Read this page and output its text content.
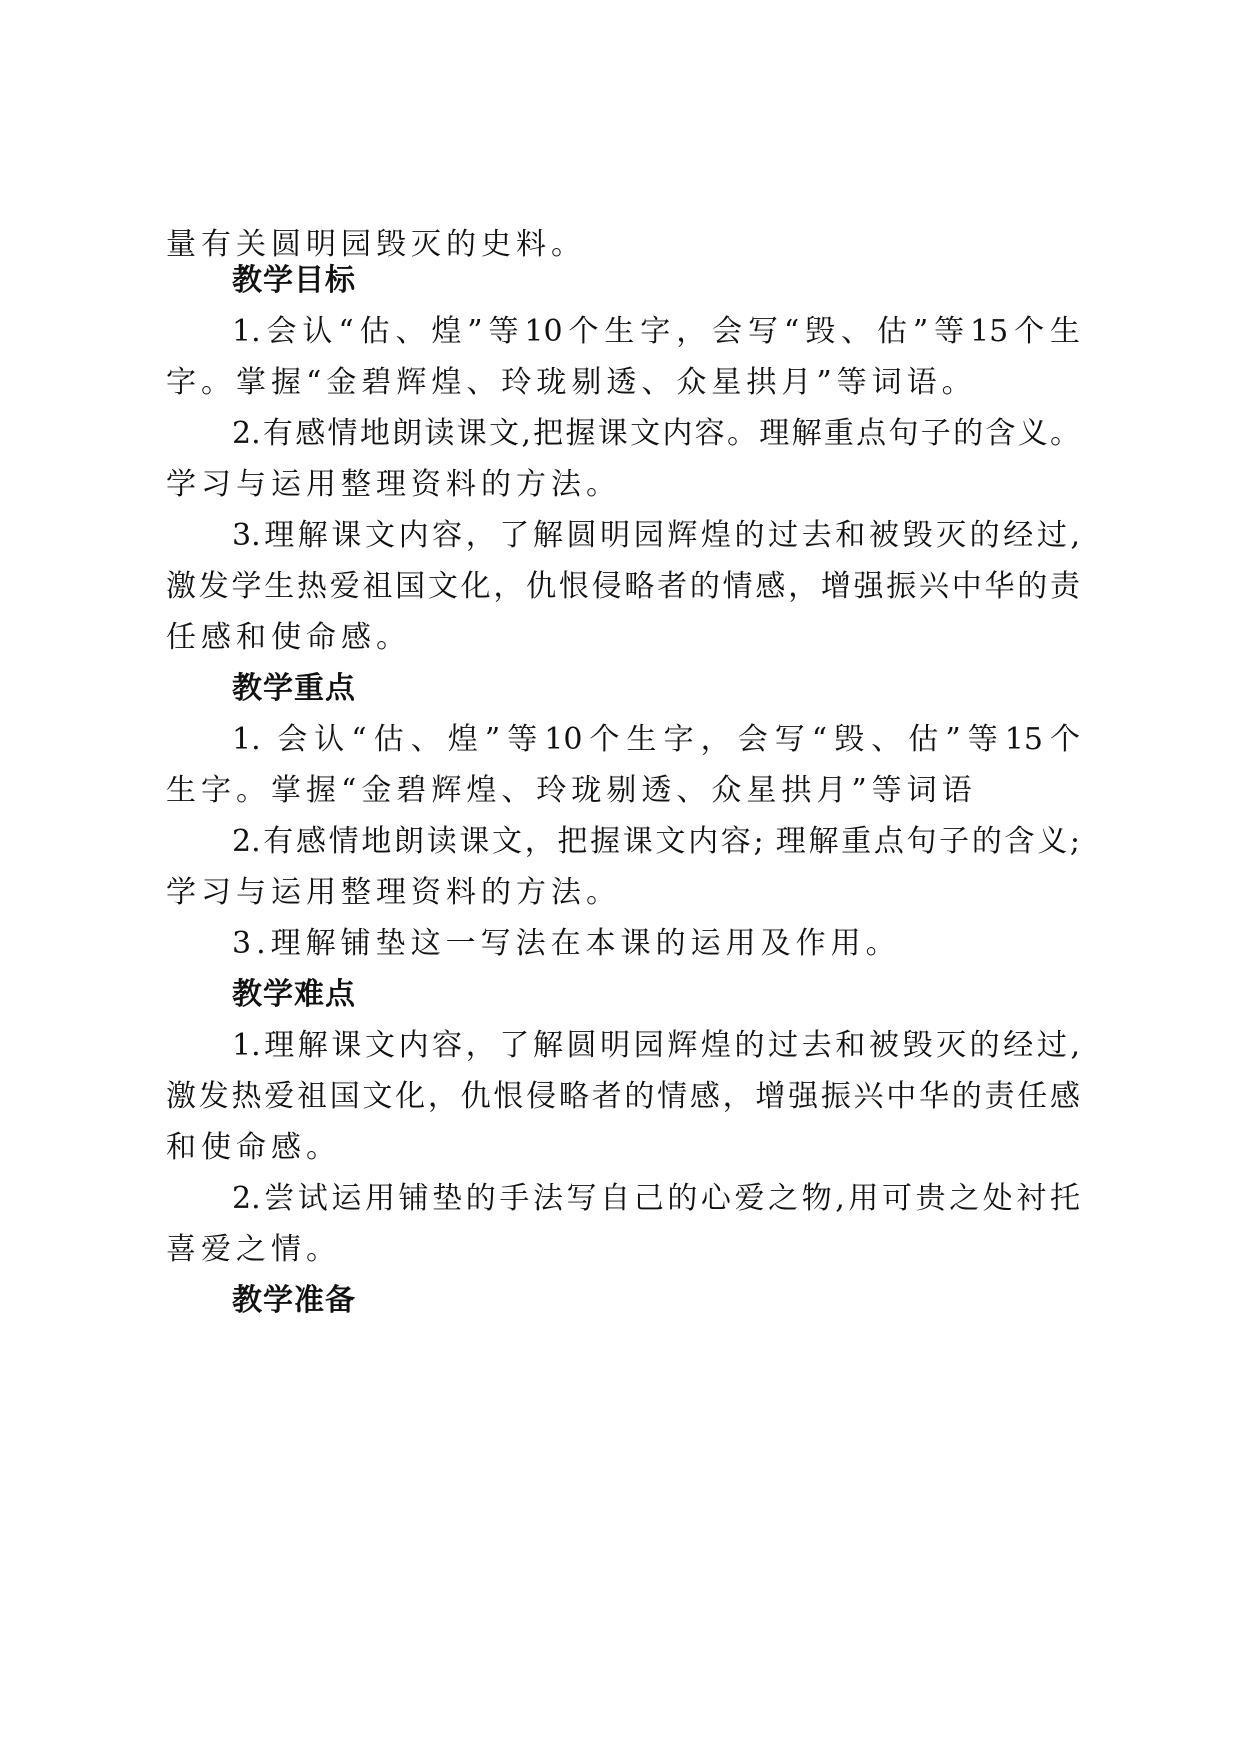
量有关圆明园毁灭的史料。
教学目标
1.会认“估、煌”等10个生字，会写“毁、估”等15个生
字。掌握“金碧辉煌、玲珑剔透、众星拱月”等词语。
2.有感情地朗读课文,把握课文内容。理解重点句子的含义。
学习与运用整理资料的方法。
3.理解课文内容，了解圆明园辉煌的过去和被毁灭的经过,
激发学生热爱祖国文化，仇恨侵略者的情感，增强振兴中华的责
任感和使命感。
教学重点
1. 会认“估、煌”等10个生字，会写“毁、估”等15个
生字。掌握“金碧辉煌、玲珑剔透、众星拱月”等词语
2.有感情地朗读课文，把握课文内容; 理解重点句子的含义;
学习与运用整理资料的方法。
3.理解铺垫这一写法在本课的运用及作用。
教学难点
1.理解课文内容，了解圆明园辉煌的过去和被毁灭的经过,
激发热爱祖国文化，仇恨侵略者的情感，增强振兴中华的责任感
和使命感。
2.尝试运用铺垫的手法写自己的心爱之物,用可贵之处衬托
喜爱之情。
教学准备
